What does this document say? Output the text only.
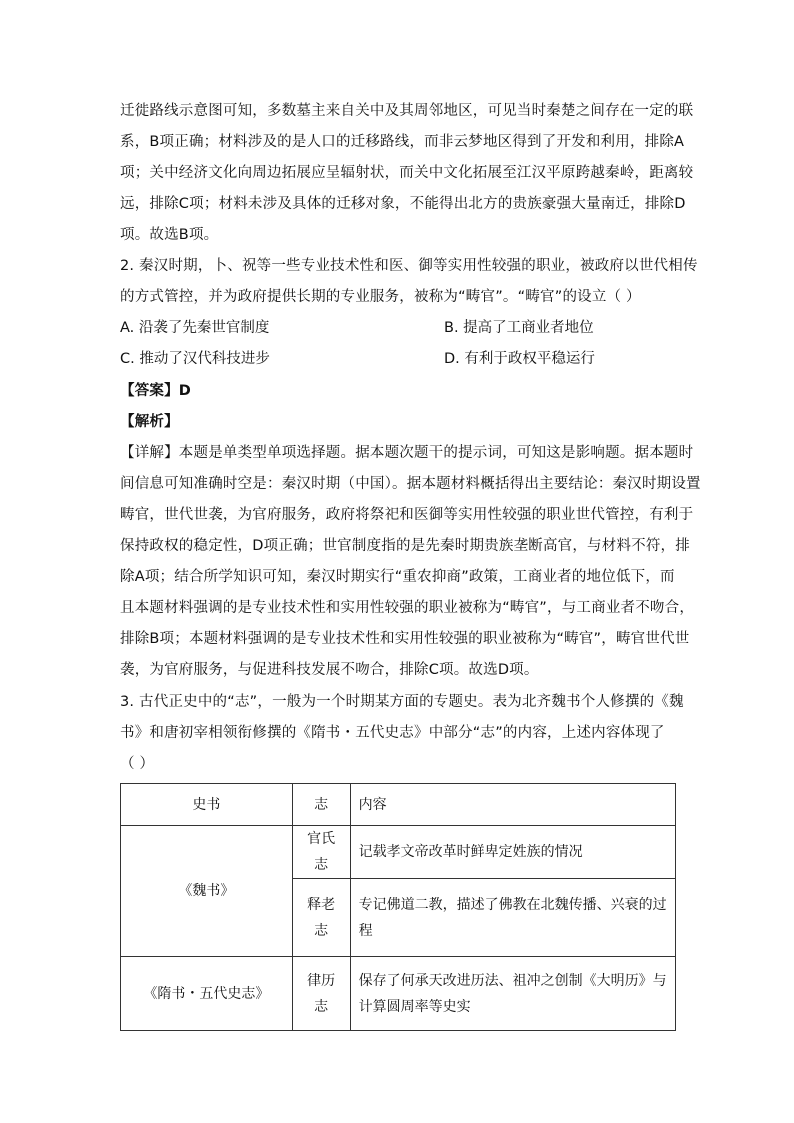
迁徙路线示意图可知，多数墓主来自关中及其周邻地区，可见当时秦楚之间存在一定的联
系，B项正确；材料涉及的是人口的迁移路线，而非云梦地区得到了开发和利用，排除A
项；关中经济文化向周边拓展应呈辐射状，而关中文化拓展至江汉平原跨越秦岭，距离较
远，排除C项；材料未涉及具体的迁移对象，不能得出北方的贵族豪强大量南迁，排除D
项。故选B项。
2. 秦汉时期，卜、祝等一些专业技术性和医、御等实用性较强的职业，被政府以世代相传
的方式管控，并为政府提供长期的专业服务，被称为“畴官”。“畴官”的设立（ ）
A. 沿袭了先秦世官制度	B. 提高了工商业者地位
C. 推动了汉代科技进步	D. 有利于政权平稳运行
【答案】D
【解析】
【详解】本题是单类型单项选择题。据本题次题干的提示词，可知这是影响题。据本题时
间信息可知准确时空是：秦汉时期（中国）。据本题材料概括得出主要结论：秦汉时期设置
畴官，世代世袭，为官府服务，政府将祭祀和医御等实用性较强的职业世代管控，有利于
保持政权的稳定性，D项正确；世官制度指的是先秦时期贵族垄断高官，与材料不符，排
除A项；结合所学知识可知，秦汉时期实行“重农抑商”政策，工商业者的地位低下，而
且本题材料强调的是专业技术性和实用性较强的职业被称为“畴官”，与工商业者不吻合，
排除B项；本题材料强调的是专业技术性和实用性较强的职业被称为“畴官”，畴官世代世
袭，为官府服务，与促进科技发展不吻合，排除C项。故选D项。
3. 古代正史中的“志”，一般为一个时期某方面的专题史。表为北齐魏书个人修撰的《魏
书》和唐初宰相领衔修撰的《隋书・五代史志》中部分“志”的内容，上述内容体现了
（ ）
史书	志	内容
《魏书》	官氏志	记载孝文帝改革时鲜卑定姓族的情况
	释老志	专记佛道二教，描述了佛教在北魏传播、兴衰的过程
《隋书・五代史志》	律历志	保存了何承天改进历法、祖冲之创制《大明历》与计算圆周率等史实
